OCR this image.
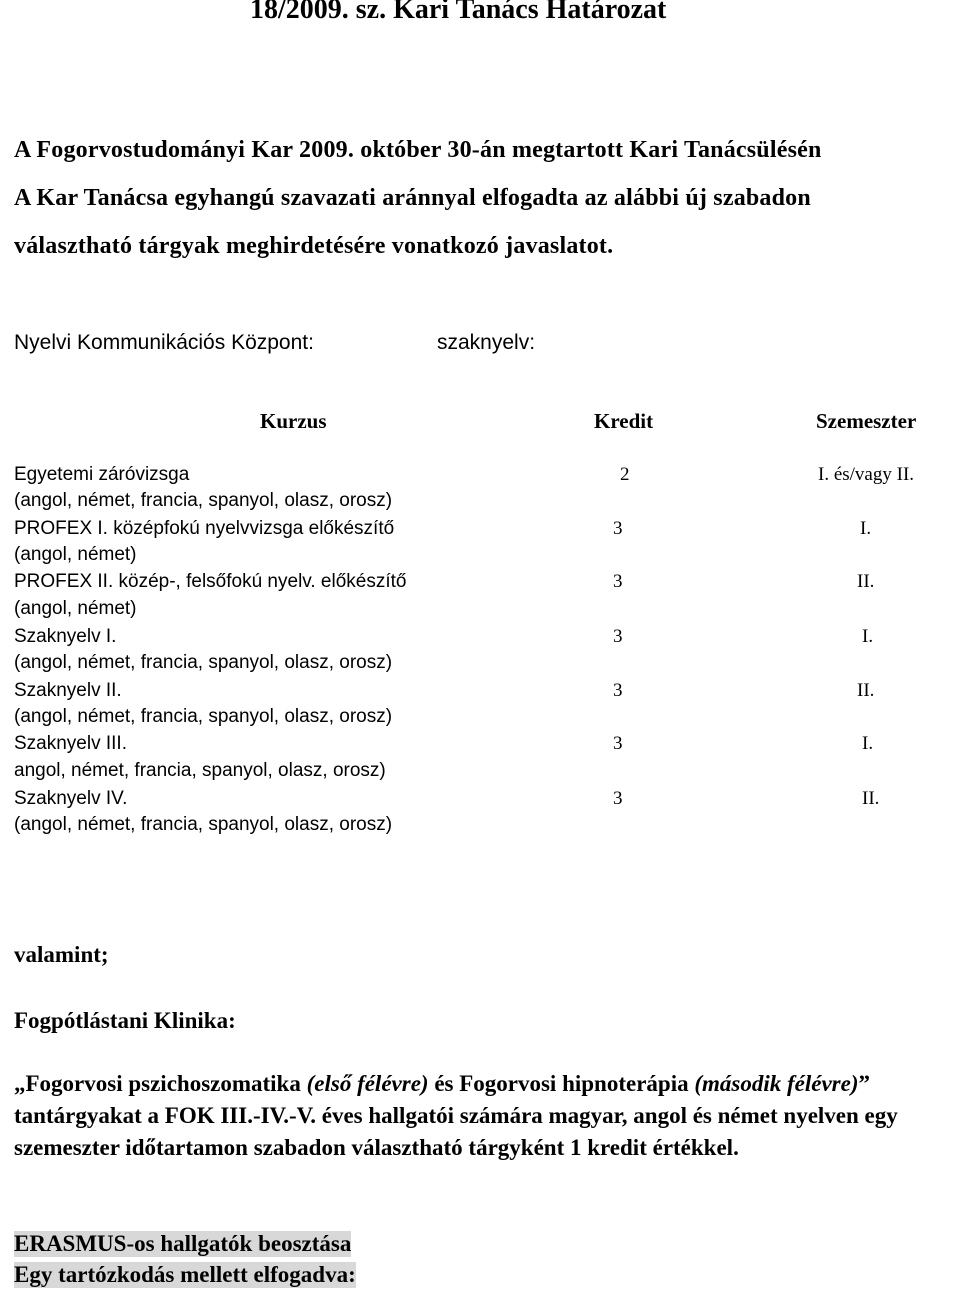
18/2009. sz. Kari Tanács Határozat
A Fogorvostudományi Kar 2009. október 30-án megtartott Kari Tanácsülésén
A Kar Tanácsa egyhangú szavazati aránnyal elfogadta az alábbi új szabadon
választható tárgyak meghirdetésére vonatkozó javaslatot.
Nyelvi Kommunikációs Központ:	szaknyelv:
Kurzus	Kredit	Szemeszter
Egyetemi záróvizsga	2	I. és/vagy II.
(angol, német, francia, spanyol, olasz, orosz)
PROFEX I. középfokú nyelvvizsga előkészítő	3	I.
(angol, német)
PROFEX II. közép-, felsőfokú nyelv. előkészítő	3	II.
(angol, német)
Szaknyelv I.	3	I.
(angol, német, francia, spanyol, olasz, orosz)
Szaknyelv II.	3	II.
(angol, német, francia, spanyol, olasz, orosz)
Szaknyelv III.	3	I.
angol, német, francia, spanyol, olasz, orosz)
Szaknyelv IV.	3	II.
(angol, német, francia, spanyol, olasz, orosz)
valamint;
Fogpótlástani Klinika:
„Fogorvosi pszichoszomatika (első félévre) és Fogorvosi hipnoterápia (második félévre)” tantárgyakat a FOK III.-IV.-V. éves hallgatói számára magyar, angol és német nyelven egy szemeszter időtartamon szabadon választható tárgyként 1 kredit értékkel.
ERASMUS-os hallgatók beosztása
Egy tartózkodás mellett elfogadva:
